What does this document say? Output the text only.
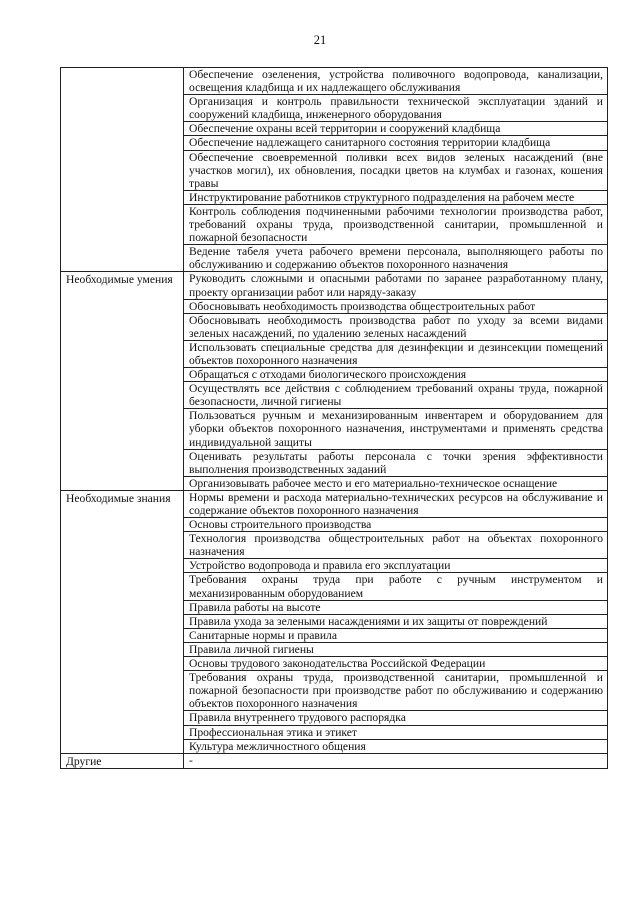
21
	Обеспечение озеленения, устройства поливочного водопровода, канализации, освещения кладбища и их надлежащего обслуживания
	Организация и контроль правильности технической эксплуатации зданий и сооружений кладбища, инженерного оборудования
	Обеспечение охраны всей территории и сооружений кладбища
	Обеспечение надлежащего санитарного состояния территории кладбища
	Обеспечение своевременной поливки всех видов зеленых насаждений (вне участков могил), их обновления, посадки цветов на клумбах и газонах, кошения травы
	Инструктирование работников структурного подразделения на рабочем месте
	Контроль соблюдения подчиненными рабочими технологии производства работ, требований охраны труда, производственной санитарии, промышленной и пожарной безопасности
	Ведение табеля учета рабочего времени персонала, выполняющего работы по обслуживанию и содержанию объектов похоронного назначения
Необходимые умения	Руководить сложными и опасными работами по заранее разработанному плану, проекту организации работ или наряду-заказу
	Обосновывать необходимость производства общестроительных работ
	Обосновывать необходимость производства работ по уходу за всеми видами зеленых насаждений, по удалению зеленых насаждений
	Использовать специальные средства для дезинфекции и дезинсекции помещений объектов похоронного назначения
	Обращаться с отходами биологического происхождения
	Осуществлять все действия с соблюдением требований охраны труда, пожарной безопасности, личной гигиены
	Пользоваться ручным и механизированным инвентарем и оборудованием для уборки объектов похоронного назначения, инструментами и применять средства индивидуальной защиты
	Оценивать результаты работы персонала с точки зрения эффективности выполнения производственных заданий
	Организовывать рабочее место и его материально-техническое оснащение
Необходимые знания	Нормы времени и расхода материально-технических ресурсов на обслуживание и содержание объектов похоронного назначения
	Основы строительного производства
	Технология производства общестроительных работ на объектах похоронного назначения
	Устройство водопровода и правила его эксплуатации
	Требования охраны труда при работе с ручным инструментом и механизированным оборудованием
	Правила работы на высоте
	Правила ухода за зелеными насаждениями и их защиты от повреждений
	Санитарные нормы и правила
	Правила личной гигиены
	Основы трудового законодательства Российской Федерации
	Требования охраны труда, производственной санитарии, промышленной и пожарной безопасности при производстве работ по обслуживанию и содержанию объектов похоронного назначения
	Правила внутреннего трудового распорядка
	Профессиональная этика и этикет
	Культура межличностного общения
Другие	-
